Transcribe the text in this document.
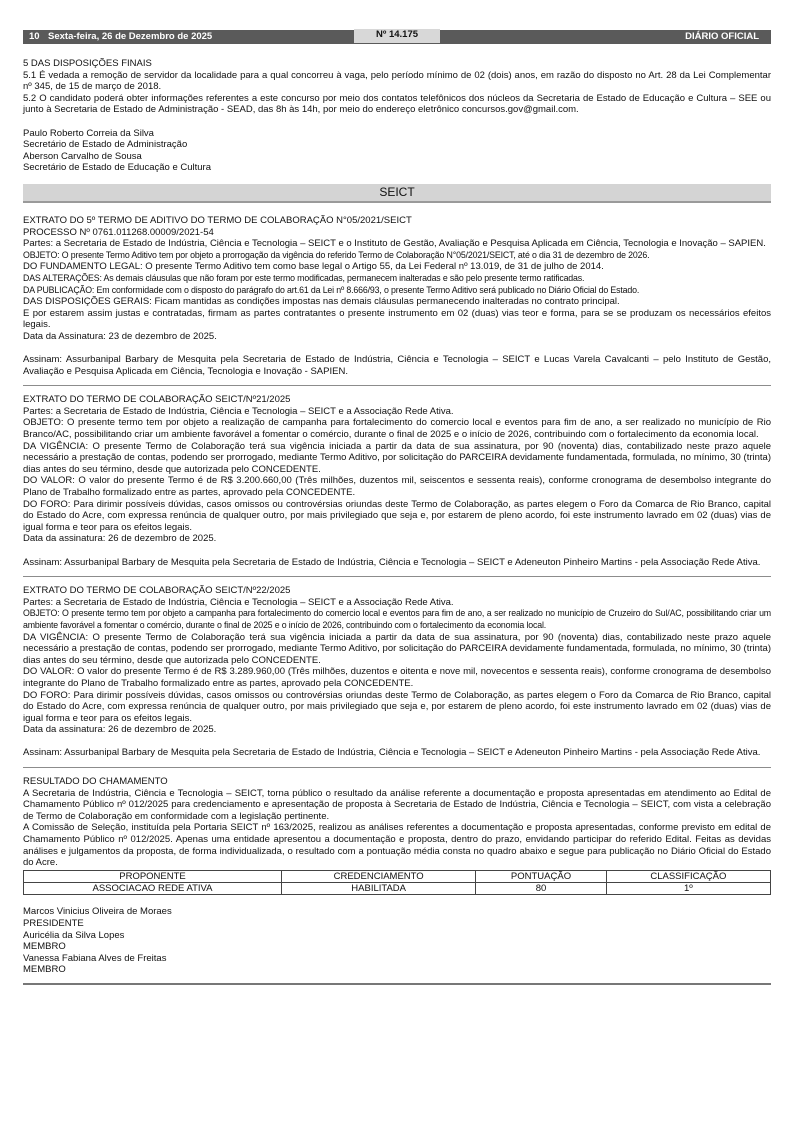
10 Sexta-feira, 26 de Dezembro de 2025	Nº 14.175	DIÁRIO OFICIAL

5 DAS DISPOSIÇÕES FINAIS

5.1 É vedada a remoção de servidor da localidade para a qual concorreu à vaga, pelo período mínimo de 02 (dois) anos, em razão do disposto no Art. 28 da Lei Complementar nº 345, de 15 de março de 2018.

5.2 O candidato poderá obter informações referentes a este concurso por meio dos contatos telefônicos dos núcleos da Secretaria de Estado de Educação e Cultura – SEE ou junto à Secretaria de Estado de Administração - SEAD, das 8h às 14h, por meio do endereço eletrônico concursos.gov@gmail.com.

Paulo Roberto Correia da Silva

Secretário de Estado de Administração

Aberson Carvalho de Sousa

Secretário de Estado de Educação e Cultura

SEICT

EXTRATO DO 5º TERMO DE ADITIVO DO TERMO DE COLABORAÇÃO N°05/2021/SEICT

PROCESSO Nº 0761.011268.00009/2021-54

Partes: a Secretaria de Estado de Indústria, Ciência e Tecnologia – SEICT e o Instituto de Gestão, Avaliação e Pesquisa Aplicada em Ciência, Tecnologia e Inovação – SAPIEN.

OBJETO: O presente Termo Aditivo tem por objeto a prorrogação da vigência do referido Termo de Colaboração N°05/2021/SEICT, até o dia 31 de dezembro de 2026.

DO FUNDAMENTO LEGAL: O presente Termo Aditivo tem como base legal o Artigo 55, da Lei Federal nº 13.019, de 31 de julho de 2014.

DAS ALTERAÇÕES: As demais cláusulas que não foram por este termo modificadas, permanecem inalteradas e são pelo presente termo ratificadas.

DA PUBLICAÇÃO: Em conformidade com o disposto do parágrafo do art.61 da Lei nº 8.666/93, o presente Termo Aditivo será publicado no Diário Oficial do Estado.

DAS DISPOSIÇÕES GERAIS: Ficam mantidas as condições impostas nas demais cláusulas permanecendo inalteradas no contrato principal.

E por estarem assim justas e contratadas, firmam as partes contratantes o presente instrumento em 02 (duas) vias teor e forma, para se se produzam os necessários efeitos legais.

Data da Assinatura: 23 de dezembro de 2025.

Assinam: Assurbanipal Barbary de Mesquita pela Secretaria de Estado de Indústria, Ciência e Tecnologia – SEICT e Lucas Varela Cavalcanti – pelo Instituto de Gestão, Avaliação e Pesquisa Aplicada em Ciência, Tecnologia e Inovação - SAPIEN.

EXTRATO DO TERMO DE COLABORAÇÃO SEICT/Nº21/2025

Partes: a Secretaria de Estado de Indústria, Ciência e Tecnologia – SEICT e a Associação Rede Ativa.

OBJETO: O presente termo tem por objeto a realização de campanha para fortalecimento do comercio local e eventos para fim de ano, a ser realizado no município de Rio Branco/AC, possibilitando criar um ambiente favorável a fomentar o comércio, durante o final de 2025 e o início de 2026, contribuindo com o fortalecimento da economia local.

DA VIGÊNCIA: O presente Termo de Colaboração terá sua vigência iniciada a partir da data de sua assinatura, por 90 (noventa) dias, contabilizado neste prazo aquele necessário a prestação de contas, podendo ser prorrogado, mediante Termo Aditivo, por solicitação do PARCEIRA devidamente fundamentada, formulada, no mínimo, 30 (trinta) dias antes do seu término, desde que autorizada pelo CONCEDENTE.

DO VALOR: O valor do presente Termo é de R$ 3.200.660,00 (Três milhões, duzentos mil, seiscentos e sessenta reais), conforme cronograma de desembolso integrante do Plano de Trabalho formalizado entre as partes, aprovado pela CONCEDENTE.

DO FORO: Para dirimir possíveis dúvidas, casos omissos ou controvérsias oriundas deste Termo de Colaboração, as partes elegem o Foro da Comarca de Rio Branco, capital do Estado do Acre, com expressa renúncia de qualquer outro, por mais privilegiado que seja e, por estarem de pleno acordo, foi este instrumento lavrado em 02 (duas) vias de igual forma e teor para os efeitos legais.

Data da assinatura: 26 de dezembro de 2025.

Assinam: Assurbanipal Barbary de Mesquita pela Secretaria de Estado de Indústria, Ciência e Tecnologia – SEICT e Adeneuton Pinheiro Martins - pela Associação Rede Ativa.

EXTRATO DO TERMO DE COLABORAÇÃO SEICT/Nº22/2025

Partes: a Secretaria de Estado de Indústria, Ciência e Tecnologia – SEICT e a Associação Rede Ativa.

OBJETO: O presente termo tem por objeto a campanha para fortalecimento do comercio local e eventos para fim de ano, a ser realizado no município de Cruzeiro do Sul/AC, possibilitando criar um ambiente favorável a fomentar o comércio, durante o final de 2025 e o início de 2026, contribuindo com o fortalecimento da economia local.

DA VIGÊNCIA: O presente Termo de Colaboração terá sua vigência iniciada a partir da data de sua assinatura, por 90 (noventa) dias, contabilizado neste prazo aquele necessário a prestação de contas, podendo ser prorrogado, mediante Termo Aditivo, por solicitação do PARCEIRA devidamente fundamentada, formulada, no mínimo, 30 (trinta) dias antes do seu término, desde que autorizada pelo CONCEDENTE.

DO VALOR: O valor do presente Termo é de R$ 3.289.960,00 (Três milhões, duzentos e oitenta e nove mil, novecentos e sessenta reais), conforme cronograma de desembolso integrante do Plano de Trabalho formalizado entre as partes, aprovado pela CONCEDENTE.

DO FORO: Para dirimir possíveis dúvidas, casos omissos ou controvérsias oriundas deste Termo de Colaboração, as partes elegem o Foro da Comarca de Rio Branco, capital do Estado do Acre, com expressa renúncia de qualquer outro, por mais privilegiado que seja e, por estarem de pleno acordo, foi este instrumento lavrado em 02 (duas) vias de igual forma e teor para os efeitos legais.

Data da assinatura: 26 de dezembro de 2025.

Assinam: Assurbanipal Barbary de Mesquita pela Secretaria de Estado de Indústria, Ciência e Tecnologia – SEICT e Adeneuton Pinheiro Martins - pela Associação Rede Ativa.

RESULTADO DO CHAMAMENTO

A Secretaria de Indústria, Ciência e Tecnologia – SEICT, torna público o resultado da análise referente a documentação e proposta apresentadas em atendimento ao Edital de Chamamento Público nº 012/2025 para credenciamento e apresentação de proposta à Secretaria de Estado de Indústria, Ciência e Tecnologia – SEICT, com vista a celebração de Termo de Colaboração em conformidade com a legislação pertinente.

A Comissão de Seleção, instituída pela Portaria SEICT nº 163/2025, realizou as análises referentes a documentação e proposta apresentadas, conforme previsto em edital de Chamamento Público nº 012/2025. Apenas uma entidade apresentou a documentação e proposta, dentro do prazo, envidando participar do referido Edital. Feitas as devidas análises e julgamentos da proposta, de forma individualizada, o resultado com a pontuação média consta no quadro abaixo e segue para publicação no Diário Oficial do Estado do Acre.

PROPONENTE	CREDENCIAMENTO	PONTUAÇÃO	CLASSIFICAÇÃO
ASSOCIACAO REDE ATIVA	HABILITADA	80	1º

Marcos Vinicius Oliveira de Moraes

PRESIDENTE

Auricélia da Silva Lopes

MEMBRO

Vanessa Fabiana Alves de Freitas

MEMBRO
